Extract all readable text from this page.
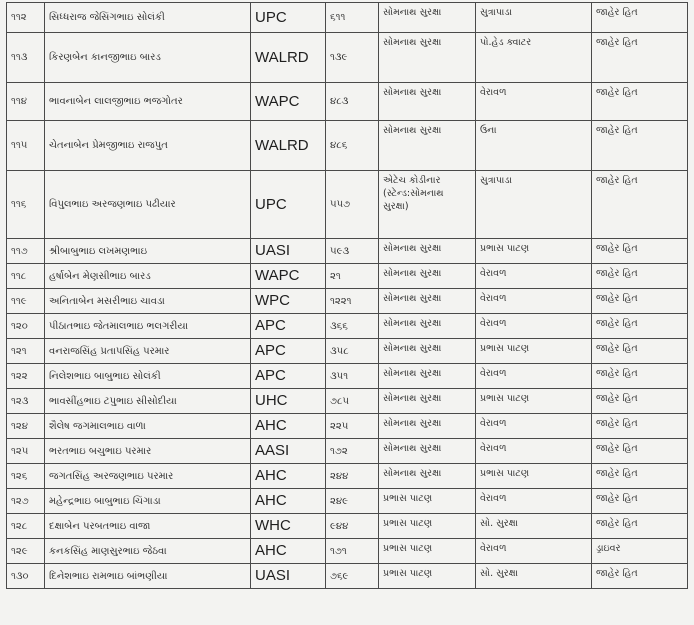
૧૧૨	સિધ્ધરાજ જેસિંગભાઇ સોલંકી	UPC	૬૧૧	સોમનાથ સુરક્ષા	સુત્રાપાડા	જાહેર હિત
૧૧૩	કિરણબેન કાનજીભાઇ બારડ	WALRD	૧૩૯	સોમનાથ સુરક્ષા	પો.હેડ ક્વાટર	જાહેર હિત
૧૧૪	ભાવનાબેન લાલજીભાઇ ભજગોતર	WAPC	૪૮૩	સોમનાથ સુરક્ષા	વેરાવળ	જાહેર હિત
૧૧૫	ચેતનાબેન પ્રેમજીભાઇ રાજપુત	WALRD	૪૮૬	સોમનાથ સુરક્ષા	ઉના	જાહેર હિત
૧૧૬	વિપુલભાઇ અરજણભાઇ પઢીયાર	UPC	૫૫૭	એટેચ કોડીનાર (સ્ટેન્ડ:સોમનાથ સુરક્ષા)	સુત્રાપાડા	જાહેર હિત
૧૧૭	શ્રીબાબુભાઇ લખમણભાઇ	UASI	૫૯૩	સોમનાથ સુરક્ષા	પ્રભાસ પાટણ	જાહેર હિત
૧૧૮	હર્ષાબેન મેણસીભાઇ બારડ	WAPC	૨૧	સોમનાથ સુરક્ષા	વેરાવળ	જાહેર હિત
૧૧૯	અનિતાબેન મસરીભાઇ ચાવડા	WPC	૧૨૨૧	સોમનાથ સુરક્ષા	વેરાવળ	જાહેર હિત
૧૨૦	પીઠાતભાઇ જેતમાલભાઇ ભલગરીયા	APC	૩૬૬	સોમનાથ સુરક્ષા	વેરાવળ	જાહેર હિત
૧૨૧	વનરાજસિંહ પ્રતાપસિંહ પરમાર	APC	૩૫૮	સોમનાથ સુરક્ષા	પ્રભાસ પાટણ	જાહેર હિત
૧૨૨	નિલેશભાઇ બાબુભાઇ સોલંકી	APC	૩૫૧	સોમનાથ સુરક્ષા	વેરાવળ	જાહેર હિત
૧૨૩	ભાવસીંહભાઇ ટપુભાઇ સીસોદીયા	UHC	૭૮૫	સોમનાથ સુરક્ષા	પ્રભાસ પાટણ	જાહેર હિત
૧૨૪	શૈલેષ જગમાલભાઇ વાળા	AHC	૨૨૫	સોમનાથ સુરક્ષા	વેરાવળ	જાહેર હિત
૧૨૫	ભરતભાઇ બચુભાઇ પરમાર	AASI	૧૭૨	સોમનાથ સુરક્ષા	વેરાવળ	જાહેર હિત
૧૨૬	જગતસિંહ અરજણભાઇ પરમાર	AHC	૨૪૪	સોમનાથ સુરક્ષા	પ્રભાસ પાટણ	જાહેર હિત
૧૨૭	મહેન્દ્રભાઇ બાબુભાઇ ચિંગાડા	AHC	૨૪૯	પ્રભાસ પાટણ	વેરાવળ	જાહેર હિત
૧૨૮	દક્ષાબેન પરબતભાઇ વાજા	WHC	૯૪૪	પ્રભાસ પાટણ	સો. સુરક્ષા	જાહેર હિત
૧૨૯	કનકસિંહ માણસુરભાઇ જેઠવા	AHC	૧૭૧	પ્રભાસ પાટણ	વેરાવળ	ડ્રાઇવર
૧૩૦	દિનેશભાઇ રામભાઇ બાંભણીયા	UASI	૭૬૯	પ્રભાસ પાટણ	સો. સુરક્ષા	જાહેર હિત
